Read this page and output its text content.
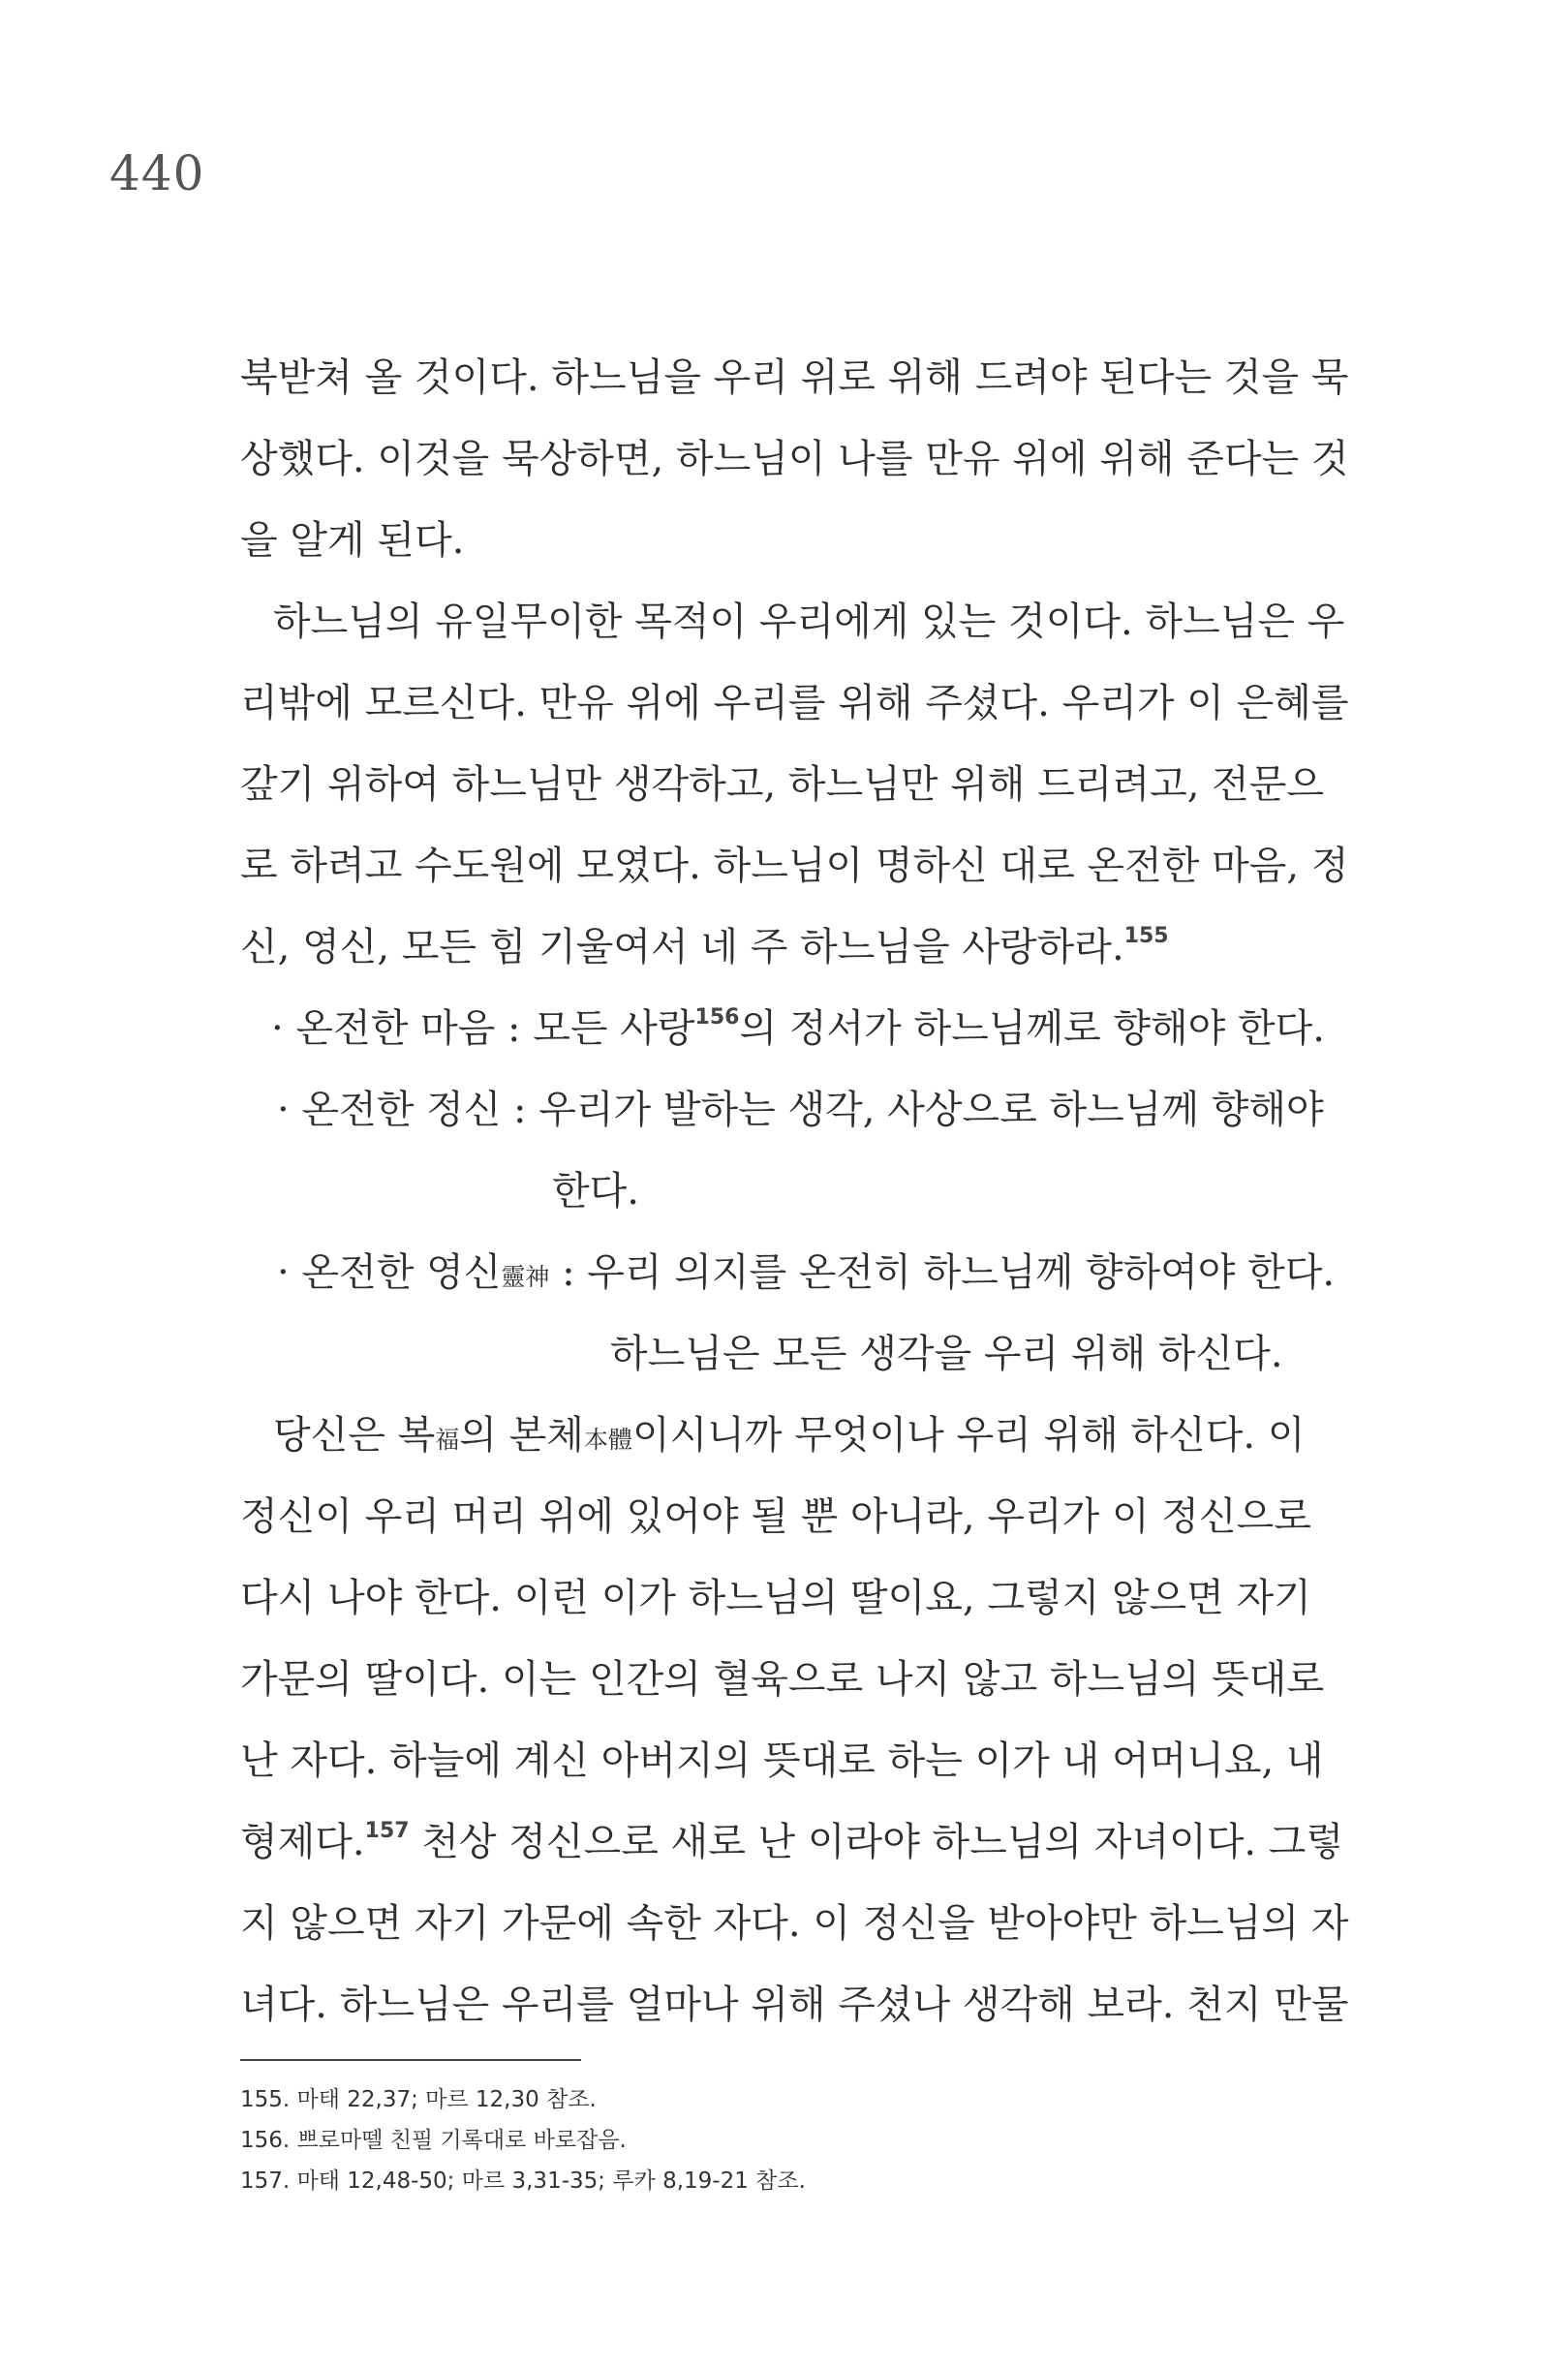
440
북받쳐 올 것이다. 하느님을 우리 위로 위해 드려야 된다는 것을 묵
상했다. 이것을 묵상하면, 하느님이 나를 만유 위에 위해 준다는 것
을 알게 된다.
하느님의 유일무이한 목적이 우리에게 있는 것이다. 하느님은 우
리밖에 모르신다. 만유 위에 우리를 위해 주셨다. 우리가 이 은혜를
갚기 위하여 하느님만 생각하고, 하느님만 위해 드리려고, 전문으
로 하려고 수도원에 모였다. 하느님이 명하신 대로 온전한 마음, 정
신, 영신, 모든 힘 기울여서 네 주 하느님을 사랑하라.$^{155}$
· 온전한 마음 : 모든 사랑$^{156}$의 정서가 하느님께로 향해야 한다.
· 온전한 정신 : 우리가 발하는 생각, 사상으로 하느님께 향해야
한다.
· 온전한 영신靈神 : 우리 의지를 온전히 하느님께 향하여야 한다.
하느님은 모든 생각을 우리 위해 하신다.
당신은 복福의 본체本體이시니까 무엇이나 우리 위해 하신다. 이
정신이 우리 머리 위에 있어야 될 뿐 아니라, 우리가 이 정신으로
다시 나야 한다. 이런 이가 하느님의 딸이요, 그렇지 않으면 자기
가문의 딸이다. 이는 인간의 혈육으로 나지 않고 하느님의 뜻대로
난 자다. 하늘에 계신 아버지의 뜻대로 하는 이가 내 어머니요, 내
형제다.$^{157}$ 천상 정신으로 새로 난 이라야 하느님의 자녀이다. 그렇
지 않으면 자기 가문에 속한 자다. 이 정신을 받아야만 하느님의 자
녀다. 하느님은 우리를 얼마나 위해 주셨나 생각해 보라. 천지 만물
155. 마태 22,37; 마르 12,30 참조.
156. 쁘로마뗄 친필 기록대로 바로잡음.
157. 마태 12,48-50; 마르 3,31-35; 루카 8,19-21 참조.
